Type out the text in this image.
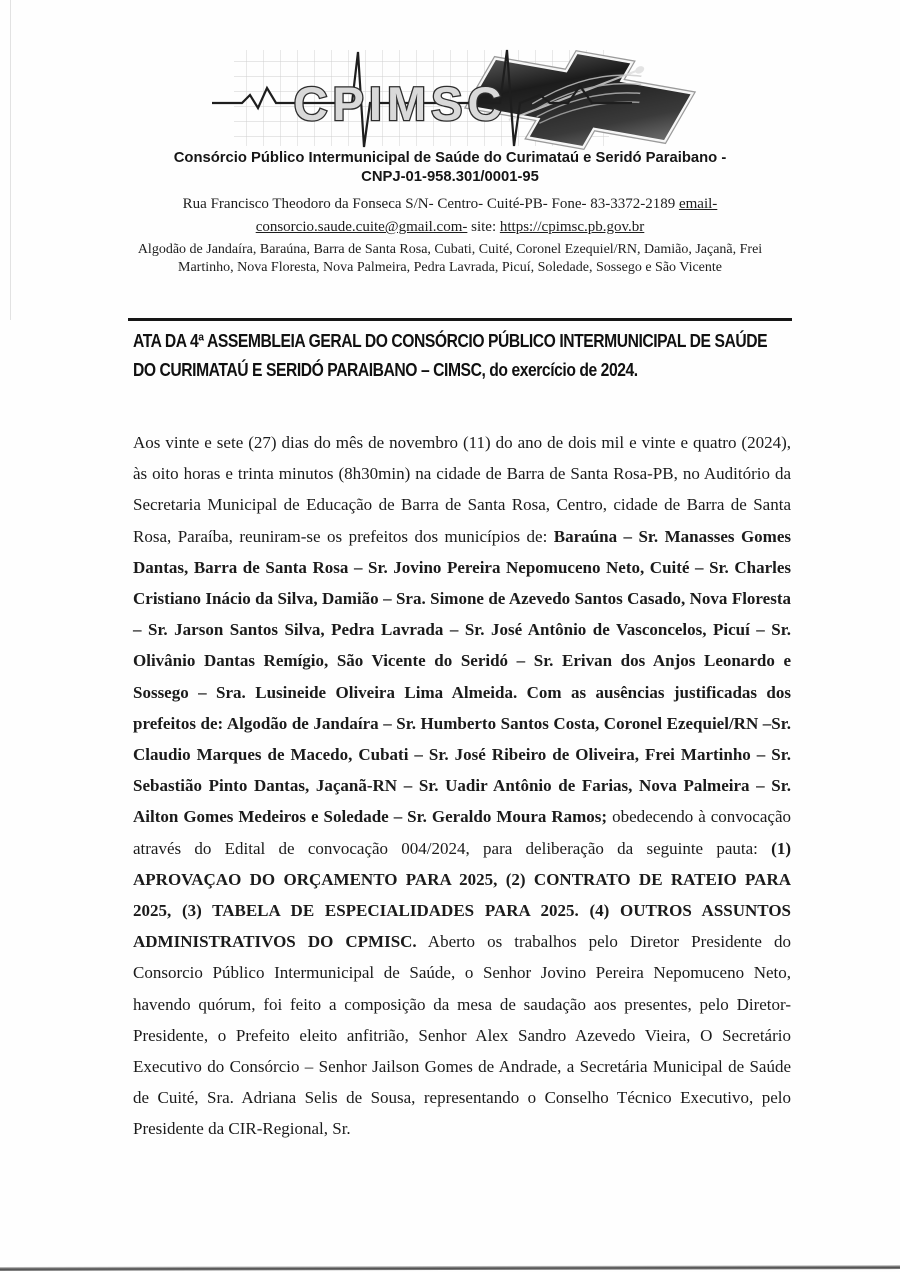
CPIMSC
Consórcio Público Intermunicipal de Saúde do Curimataú e Seridó Paraibano -
CNPJ-01-958.301/0001-95
Rua Francisco Theodoro da Fonseca S/N- Centro- Cuité-PB- Fone- 83-3372-2189 email-
consorcio.saude.cuite@gmail.com- site: https://cpimsc.pb.gov.br
Algodão de Jandaíra, Baraúna, Barra de Santa Rosa, Cubati, Cuité, Coronel Ezequiel/RN, Damião, Jaçanã, Frei Martinho, Nova Floresta, Nova Palmeira, Pedra Lavrada, Picuí, Soledade, Sossego e São Vicente
ATA DA 4ª ASSEMBLEIA GERAL DO CONSÓRCIO PÚBLICO INTERMUNICIPAL DE SAÚDE
DO CURIMATAÚ E SERIDÓ PARAIBANO – CIMSC, do exercício de 2024.
Aos vinte e sete (27) dias do mês de novembro (11) do ano de dois mil e vinte e quatro (2024), às oito horas e trinta minutos (8h30min) na cidade de Barra de Santa Rosa-PB, no Auditório da Secretaria Municipal de Educação de Barra de Santa Rosa, Centro, cidade de Barra de Santa Rosa, Paraíba, reuniram-se os prefeitos dos municípios de: Baraúna – Sr. Manasses Gomes Dantas, Barra de Santa Rosa – Sr. Jovino Pereira Nepomuceno Neto, Cuité – Sr. Charles Cristiano Inácio da Silva, Damião – Sra. Simone de Azevedo Santos Casado, Nova Floresta – Sr. Jarson Santos Silva, Pedra Lavrada – Sr. José Antônio de Vasconcelos, Picuí – Sr. Olivânio Dantas Remígio, São Vicente do Seridó – Sr. Erivan dos Anjos Leonardo e Sossego – Sra. Lusineide Oliveira Lima Almeida. Com as ausências justificadas dos prefeitos de: Algodão de Jandaíra – Sr. Humberto Santos Costa, Coronel Ezequiel/RN –Sr. Claudio Marques de Macedo, Cubati – Sr. José Ribeiro de Oliveira, Frei Martinho – Sr. Sebastião Pinto Dantas, Jaçanã-RN – Sr. Uadir Antônio de Farias, Nova Palmeira – Sr. Ailton Gomes Medeiros e Soledade – Sr. Geraldo Moura Ramos; obedecendo à convocação através do Edital de convocação 004/2024, para deliberação da seguinte pauta: (1) APROVAÇAO DO ORÇAMENTO PARA 2025, (2) CONTRATO DE RATEIO PARA 2025, (3) TABELA DE ESPECIALIDADES PARA 2025. (4) OUTROS ASSUNTOS ADMINISTRATIVOS DO CPMISC. Aberto os trabalhos pelo Diretor Presidente do Consorcio Público Intermunicipal de Saúde, o Senhor Jovino Pereira Nepomuceno Neto, havendo quórum, foi feito a composição da mesa de saudação aos presentes, pelo Diretor-Presidente, o Prefeito eleito anfitrião, Senhor Alex Sandro Azevedo Vieira, O Secretário Executivo do Consórcio – Senhor Jailson Gomes de Andrade, a Secretária Municipal de Saúde de Cuité, Sra. Adriana Selis de Sousa, representando o Conselho Técnico Executivo, pelo Presidente da CIR-Regional, Sr.
